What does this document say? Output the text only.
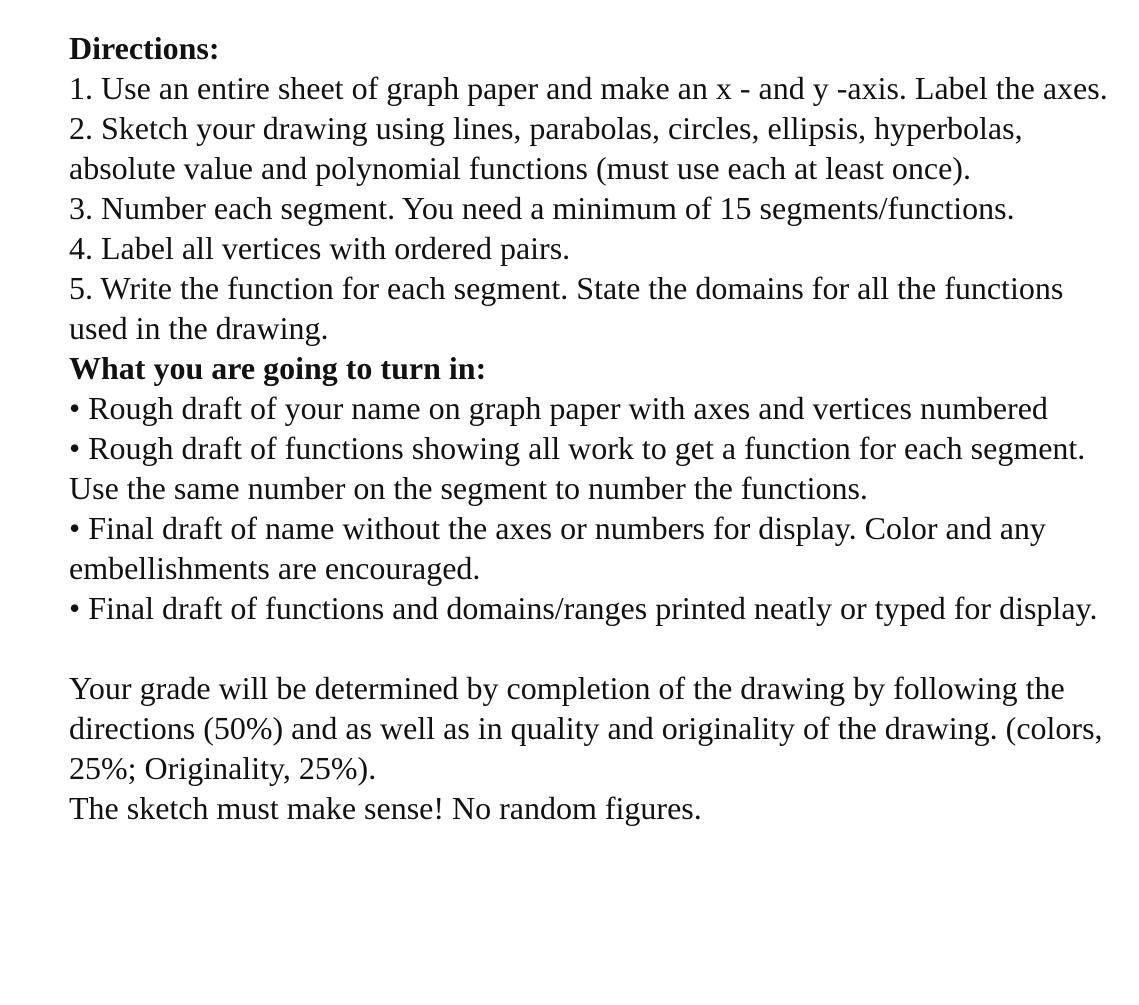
Directions:

1. Use an entire sheet of graph paper and make an x - and y -axis. Label the axes.

2. Sketch your drawing using lines, parabolas, circles, ellipsis, hyperbolas, absolute value and polynomial functions (must use each at least once).

3. Number each segment. You need a minimum of 15 segments/functions.

4. Label all vertices with ordered pairs.

5. Write the function for each segment. State the domains for all the functions used in the drawing.

What you are going to turn in:

• Rough draft of your name on graph paper with axes and vertices numbered

• Rough draft of functions showing all work to get a function for each segment. Use the same number on the segment to number the functions.

• Final draft of name without the axes or numbers for display. Color and any embellishments are encouraged.

• Final draft of functions and domains/ranges printed neatly or typed for display.

Your grade will be determined by completion of the drawing by following the directions (50%) and as well as in quality and originality of the drawing. (colors, 25%; Originality, 25%).

The sketch must make sense! No random figures.
